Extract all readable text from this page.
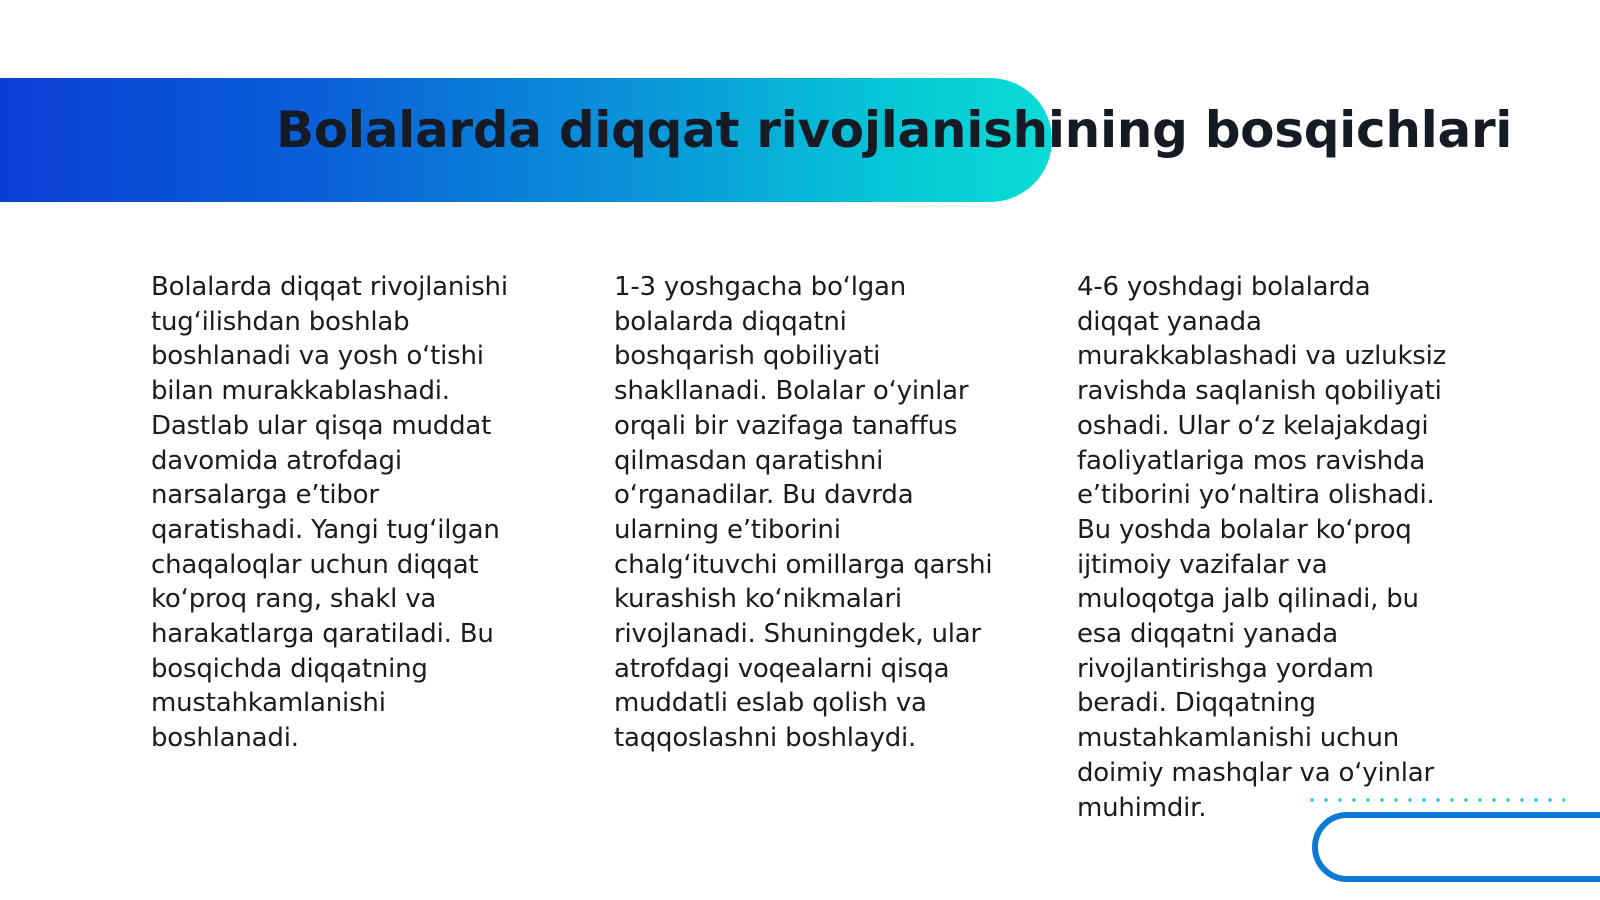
Bolalarda diqqat rivojlanishining bosqichlari

Bolalarda diqqat rivojlanishi tug‘ilishdan boshlab boshlanadi va yosh o‘tishi bilan murakkablashadi. Dastlab ular qisqa muddat davomida atrofdagi narsalarga e’tibor qaratishadi. Yangi tug‘ilgan chaqaloqlar uchun diqqat ko‘proq rang, shakl va harakatlarga qaratiladi. Bu bosqichda diqqatning mustahkamlanishi boshlanadi.

1-3 yoshgacha bo‘lgan bolalarda diqqatni boshqarish qobiliyati shakllanadi. Bolalar o‘yinlar orqali bir vazifaga tanaffus qilmasdan qaratishni o‘rganadilar. Bu davrda ularning e’tiborini chalg‘ituvchi omillarga qarshi kurashish ko‘nikmalari rivojlanadi. Shuningdek, ular atrofdagi voqealarni qisqa muddatli eslab qolish va taqqoslashni boshlaydi.

4-6 yoshdagi bolalarda diqqat yanada murakkablashadi va uzluksiz ravishda saqlanish qobiliyati oshadi. Ular o‘z kelajakdagi faoliyatlariga mos ravishda e’tiborini yo‘naltira olishadi. Bu yoshda bolalar ko‘proq ijtimoiy vazifalar va muloqotga jalb qilinadi, bu esa diqqatni yanada rivojlantirishga yordam beradi. Diqqatning mustahkamlanishi uchun doimiy mashqlar va o‘yinlar muhimdir.
